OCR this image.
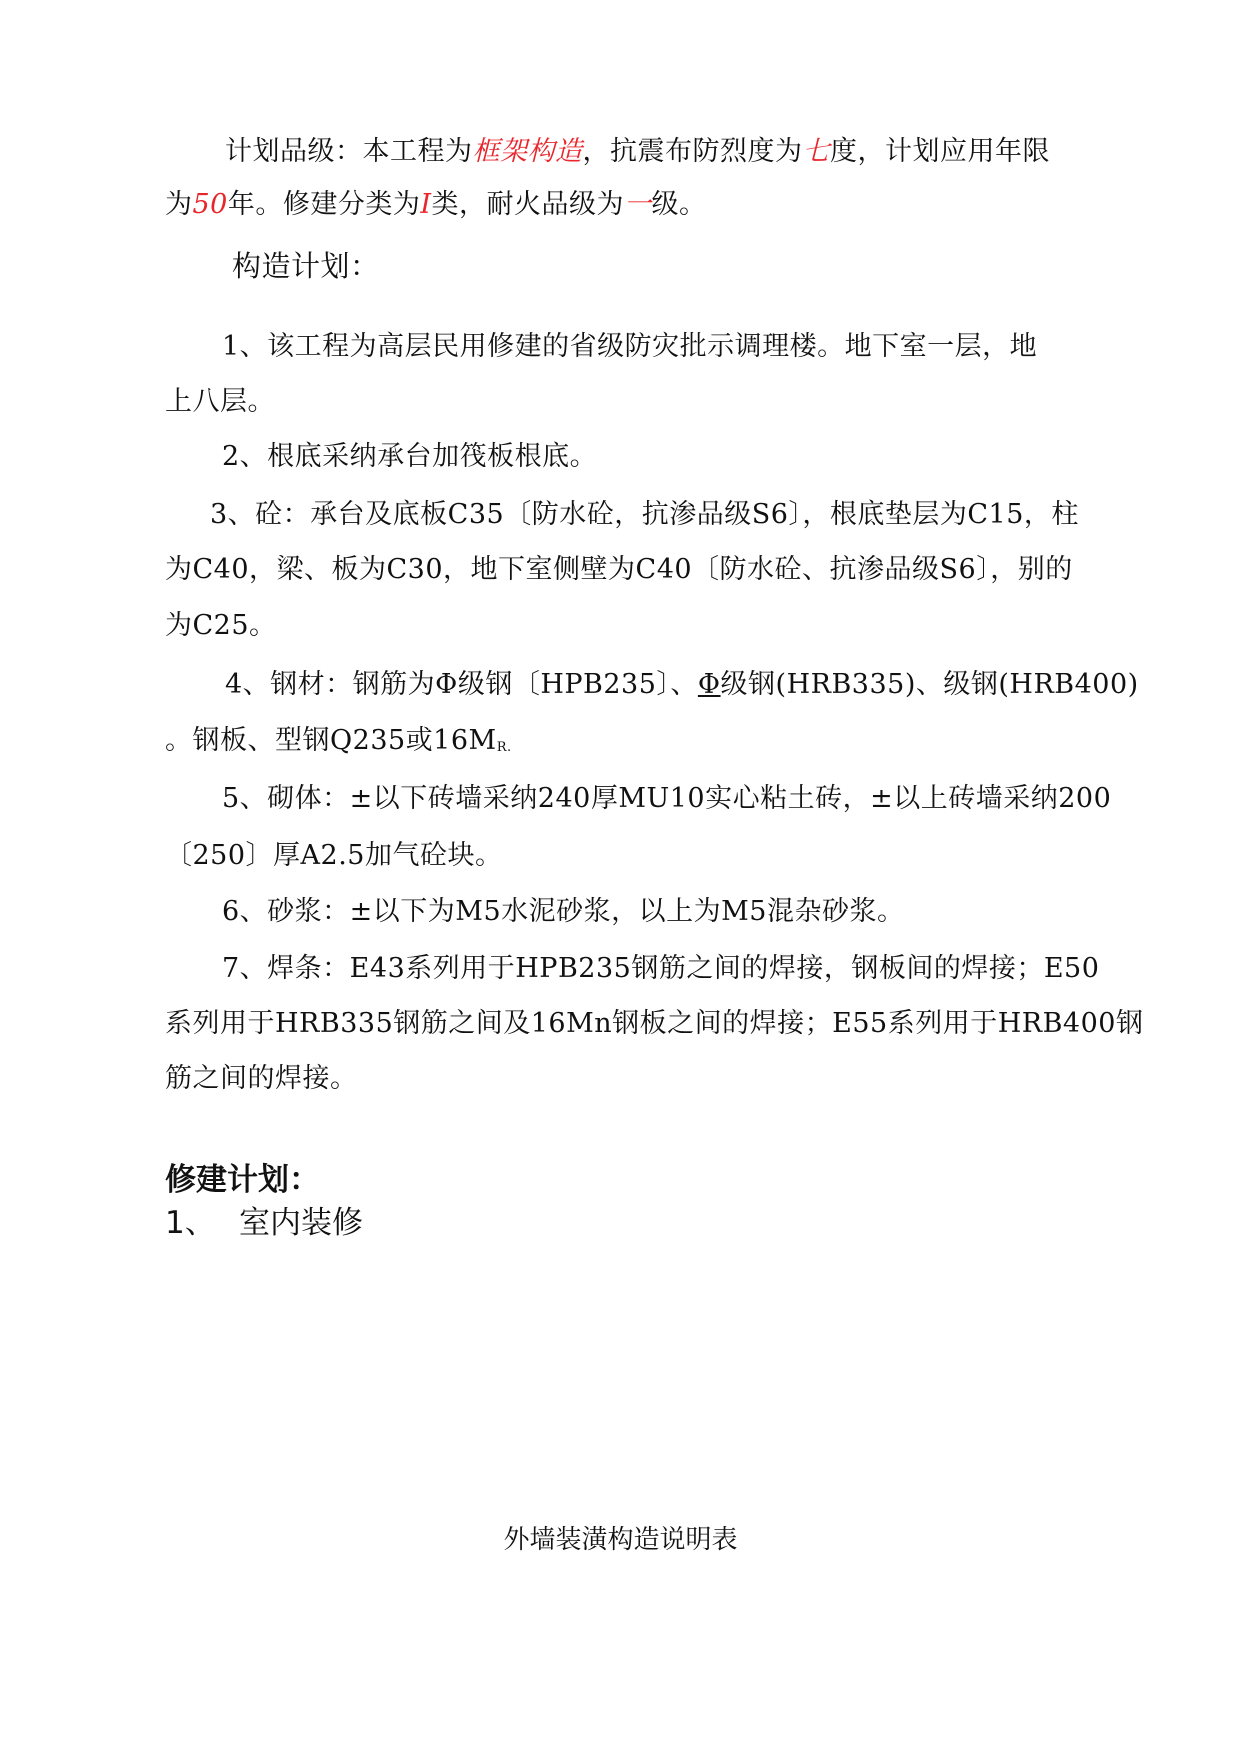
计划品级：本工程为框架构造，抗震布防烈度为七度，计划应用年限
为50年。修建分类为I类，耐火品级为一级。
构造计划：
1、该工程为高层民用修建的省级防灾批示调理楼。地下室一层，地
上八层。
2、根底采纳承台加筏板根底。
3、砼：承台及底板C35〔防水砼，抗渗品级S6〕，根底垫层为C15，柱
为C40，梁、板为C30，地下室侧壁为C40〔防水砼、抗渗品级S6〕，别的
为C25。
4、钢材：钢筋为Φ级钢〔HPB235〕、Φ级钢(HRB335)、级钢(HRB400)
。钢板、型钢Q235或16MR.
5、砌体：±以下砖墙采纳240厚MU10实心粘土砖，±以上砖墙采纳200
〔250〕厚A2.5加气砼块。
6、砂浆：±以下为M5水泥砂浆，以上为M5混杂砂浆。
7、焊条：E43系列用于HPB235钢筋之间的焊接，钢板间的焊接；E50
系列用于HRB335钢筋之间及16Mn钢板之间的焊接；E55系列用于HRB400钢
筋之间的焊接。
修建计划：
1、 室内装修
外墙装潢构造说明表
